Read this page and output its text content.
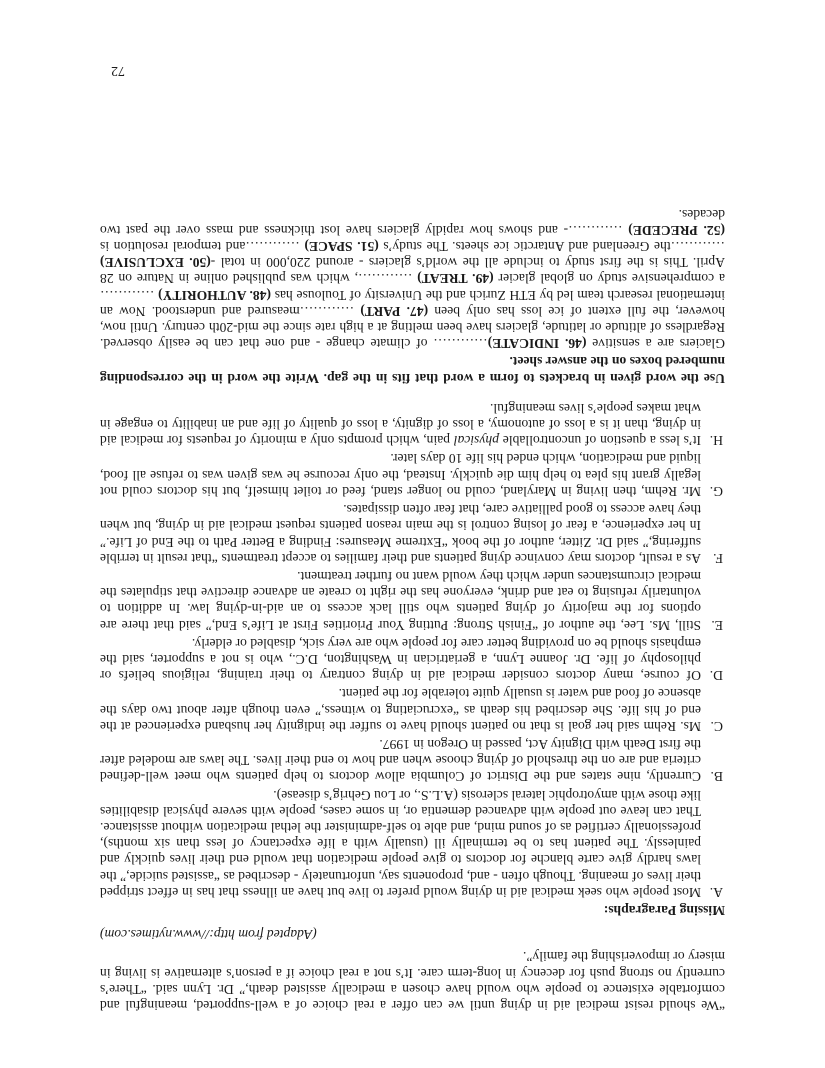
“We should resist medical aid in dying until we can offer a real choice of a well-supported, meaningful and comfortable existence to people who would have chosen a medically assisted death,” Dr. Lynn said. “There’s currently no strong push for decency in long-term care. It’s not a real choice if a person’s alternative is living in misery or impoverishing the family”.

(Adapted from http://www.nytimes.com)

Missing Paragraphs:

A.
Most people who seek medical aid in dying would prefer to live but have an illness that has in effect stripped their lives of meaning. Though often - and, proponents say, unfortunately - described as “assisted suicide,” the laws hardly give carte blanche for doctors to give people medication that would end their lives quickly and painlessly. The patient has to be terminally ill (usually with a life expectancy of less than six months), professionally certified as of sound mind, and able to self-administer the lethal medication without assistance. That can leave out people with advanced dementia or, in some cases, people with severe physical disabilities like those with amyotrophic lateral sclerosis (A.L.S., or Lou Gehrig’s disease).
B.
Currently, nine states and the District of Columbia allow doctors to help patients who meet well-defined criteria and are on the threshold of dying choose when and how to end their lives. The laws are modeled after the first Death with Dignity Act, passed in Oregon in 1997.
C.
Ms. Rehm said her goal is that no patient should have to suffer the indignity her husband experienced at the end of his life. She described his death as “excruciating to witness,” even though after about two days the absence of food and water is usually quite tolerable for the patient.
D.
Of course, many doctors consider medical aid in dying contrary to their training, religious beliefs or philosophy of life. Dr. Joanne Lynn, a geriatrician in Washington, D.C., who is not a supporter, said the emphasis should be on providing better care for people who are very sick, disabled or elderly.
E.
Still, Ms. Lee, the author of “Finish Strong: Putting Your Priorities First at Life’s End,” said that there are options for the majority of dying patients who still lack access to an aid-in-dying law. In addition to voluntarily refusing to eat and drink, everyone has the right to create an advance directive that stipulates the medical circumstances under which they would want no further treatment.
F.
As a result, doctors may convince dying patients and their families to accept treatments “that result in terrible suffering,” said Dr. Zitter, author of the book “Extreme Measures: Finding a Better Path to the End of Life.” In her experience, a fear of losing control is the main reason patients request medical aid in dying, but when they have access to good palliative care, that fear often dissipates.
G.
Mr. Rehm, then living in Maryland, could no longer stand, feed or toilet himself, but his doctors could not legally grant his plea to help him die quickly. Instead, the only recourse he was given was to refuse all food, liquid and medication, which ended his life 10 days later.
H.
It’s less a question of uncontrollable physical pain, which prompts only a minority of requests for medical aid in dying, than it is a loss of autonomy, a loss of dignity, a loss of quality of life and an inability to engage in what makes people’s lives meaningful.

Use the word given in brackets to form a word that fits in the gap. Write the word in the corresponding numbered boxes on the answer sheet.

Glaciers are a sensitive (46. INDICATE)………… of climate change - and one that can be easily observed. Regardless of altitude or latitude, glaciers have been melting at a high rate since the mid-20th century. Until now, however, the full extent of ice loss has only been (47. PART) …………measured and understood. Now an international research team led by ETH Zurich and the University of Toulouse has (48. AUTHORITY) …………a comprehensive study on global glacier (49. TREAT) …………, which was published online in Nature on 28 April. This is the first study to include all the world’s glaciers - around 220,000 in total -(50. EXCLUSIVE) …………the Greenland and Antarctic ice sheets. The study’s (51. SPACE) …………and temporal resolution is (52. PRECEDE) …………- and shows how rapidly glaciers have lost thickness and mass over the past two decades.

72
